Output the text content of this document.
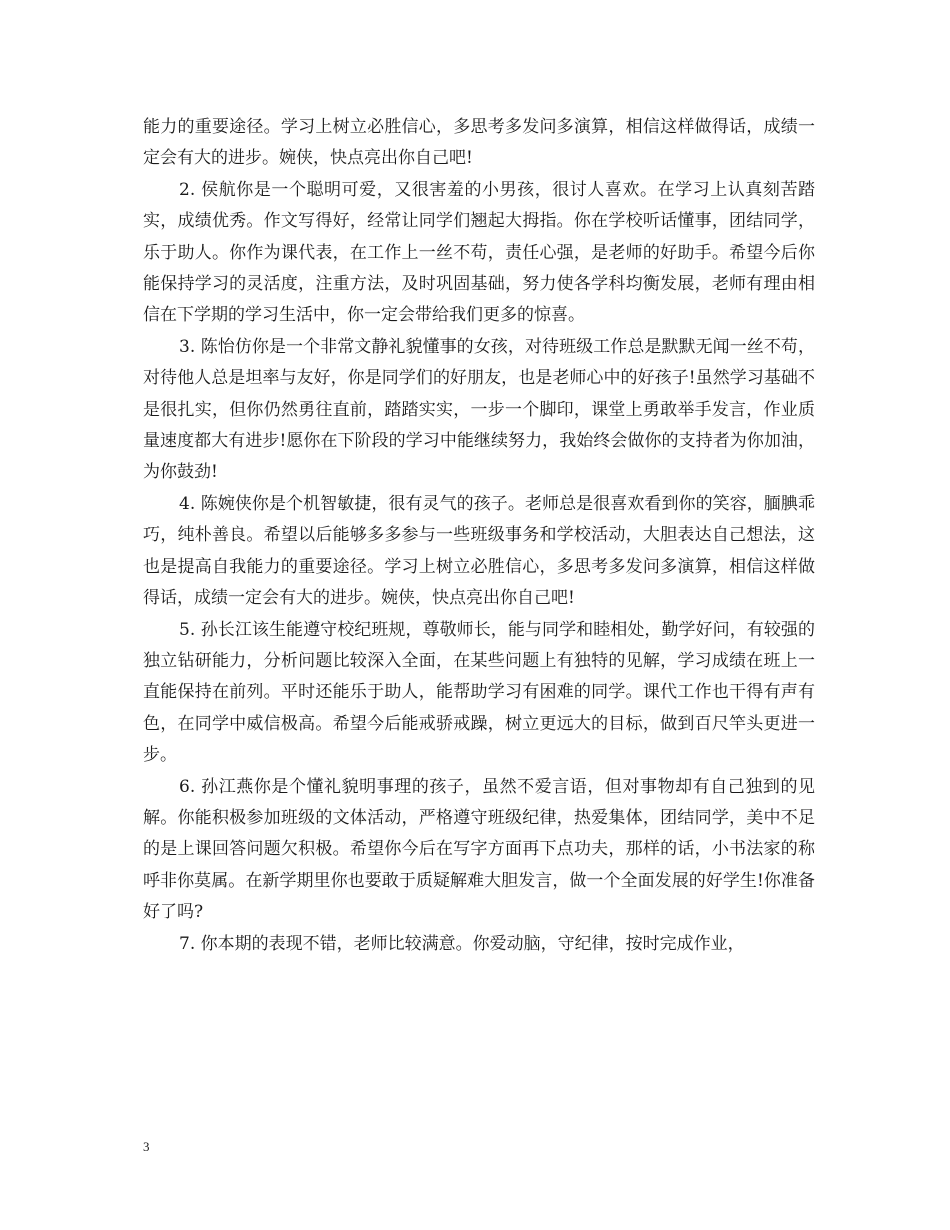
能力的重要途径。学习上树立必胜信心，多思考多发问多演算，相信这样做得话，成绩一定会有大的进步。婉侠，快点亮出你自己吧!

2. 侯航你是一个聪明可爱，又很害羞的小男孩，很讨人喜欢。在学习上认真刻苦踏实，成绩优秀。作文写得好，经常让同学们翘起大拇指。你在学校听话懂事，团结同学，乐于助人。你作为课代表，在工作上一丝不苟，责任心强，是老师的好助手。希望今后你能保持学习的灵活度，注重方法，及时巩固基础，努力使各学科均衡发展，老师有理由相信在下学期的学习生活中，你一定会带给我们更多的惊喜。

3. 陈怡仿你是一个非常文静礼貌懂事的女孩，对待班级工作总是默默无闻一丝不苟，对待他人总是坦率与友好，你是同学们的好朋友，也是老师心中的好孩子!虽然学习基础不是很扎实，但你仍然勇往直前，踏踏实实，一步一个脚印，课堂上勇敢举手发言，作业质量速度都大有进步!愿你在下阶段的学习中能继续努力，我始终会做你的支持者为你加油，为你鼓劲!

4. 陈婉侠你是个机智敏捷，很有灵气的孩子。老师总是很喜欢看到你的笑容，腼腆乖巧，纯朴善良。希望以后能够多多参与一些班级事务和学校活动，大胆表达自己想法，这也是提高自我能力的重要途径。学习上树立必胜信心，多思考多发问多演算，相信这样做得话，成绩一定会有大的进步。婉侠，快点亮出你自己吧!

5. 孙长江该生能遵守校纪班规，尊敬师长，能与同学和睦相处，勤学好问，有较强的独立钻研能力，分析问题比较深入全面，在某些问题上有独特的见解，学习成绩在班上一直能保持在前列。平时还能乐于助人，能帮助学习有困难的同学。课代工作也干得有声有色，在同学中威信极高。希望今后能戒骄戒躁，树立更远大的目标，做到百尺竿头更进一步。

6. 孙江燕你是个懂礼貌明事理的孩子，虽然不爱言语，但对事物却有自己独到的见解。你能积极参加班级的文体活动，严格遵守班级纪律，热爱集体，团结同学，美中不足的是上课回答问题欠积极。希望你今后在写字方面再下点功夫，那样的话，小书法家的称呼非你莫属。在新学期里你也要敢于质疑解难大胆发言，做一个全面发展的好学生!你准备好了吗?

7. 你本期的表现不错，老师比较满意。你爱动脑，守纪律，按时完成作业，

3
